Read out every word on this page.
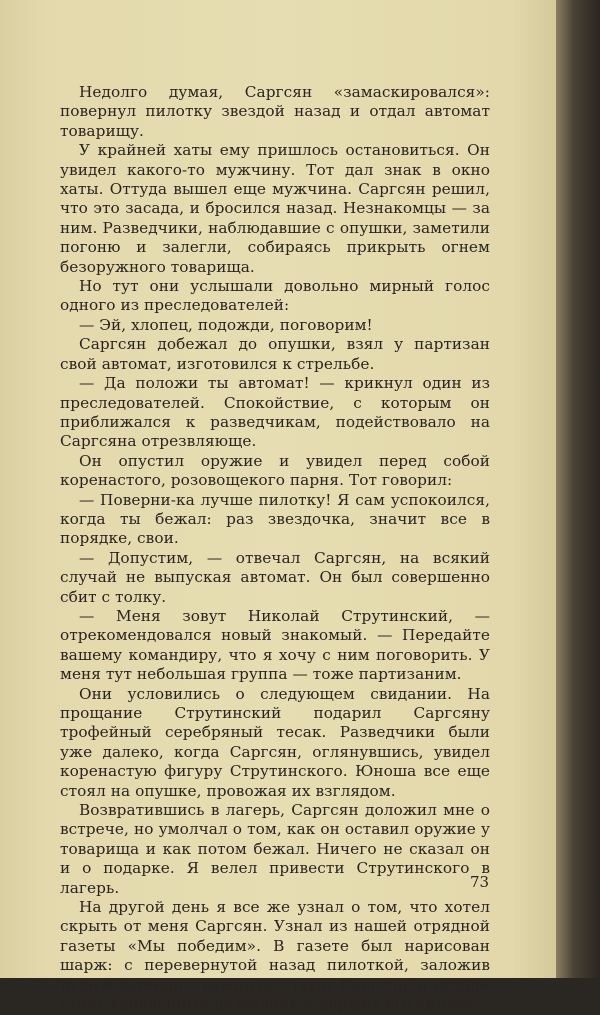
Недолго думая, Саргсян «замаскировался»: повернул пилотку звездой назад и отдал автомат товарищу.

У крайней хаты ему пришлось остановиться. Он увидел какого-то мужчину. Тот дал знак в окно хаты. Оттуда вышел еще мужчина. Саргсян решил, что это засада, и бросился назад. Незнакомцы — за ним. Разведчики, наблюдавшие с опушки, заметили погоню и залегли, собираясь прикрыть огнем безоружного товарища.

Но тут они услышали довольно мирный голос одного из преследователей:

— Эй, хлопец, подожди, поговорим!

Саргсян добежал до опушки, взял у партизан свой автомат, изготовился к стрельбе.

— Да положи ты автомат! — крикнул один из преследователей. Спокойствие, с которым он приближался к разведчикам, подействовало на Саргсяна отрезвляюще.

Он опустил оружие и увидел перед собой коренастого, розовощекого парня. Тот говорил:

— Поверни-ка лучше пилотку! Я сам успокоился, когда ты бежал: раз звездочка, значит все в порядке, свои.

— Допустим, — отвечал Саргсян, на всякий случай не выпуская автомат. Он был совершенно сбит с толку.

— Меня зовут Николай Струтинский, — отрекомендовался новый знакомый. — Передайте вашему командиру, что я хочу с ним поговорить. У меня тут небольшая группа — тоже партизаним.

Они условились о следующем свидании. На прощание Струтинский подарил Саргсяну трофейный серебряный тесак. Разведчики были уже далеко, когда Саргсян, оглянувшись, увидел коренастую фигуру Струтинского. Юноша все еще стоял на опушке, провожая их взглядом.

Возвратившись в лагерь, Саргсян доложил мне о встрече, но умолчал о том, как он оставил оружие у товарища и как потом бежал. Ничего не сказал он и о подарке. Я велел привести Струтинского в лагерь.

На другой день я все же узнал о том, что хотел скрыть от меня Саргсян. Узнал из нашей отрядной газеты «Мы победим». В газете был нарисован шарж: с перевернутой назад пилоткой, заложив руки в карманы, важно шествует Саргсян, а позади стоит удивленный разведчик и держит его автомат.

73
